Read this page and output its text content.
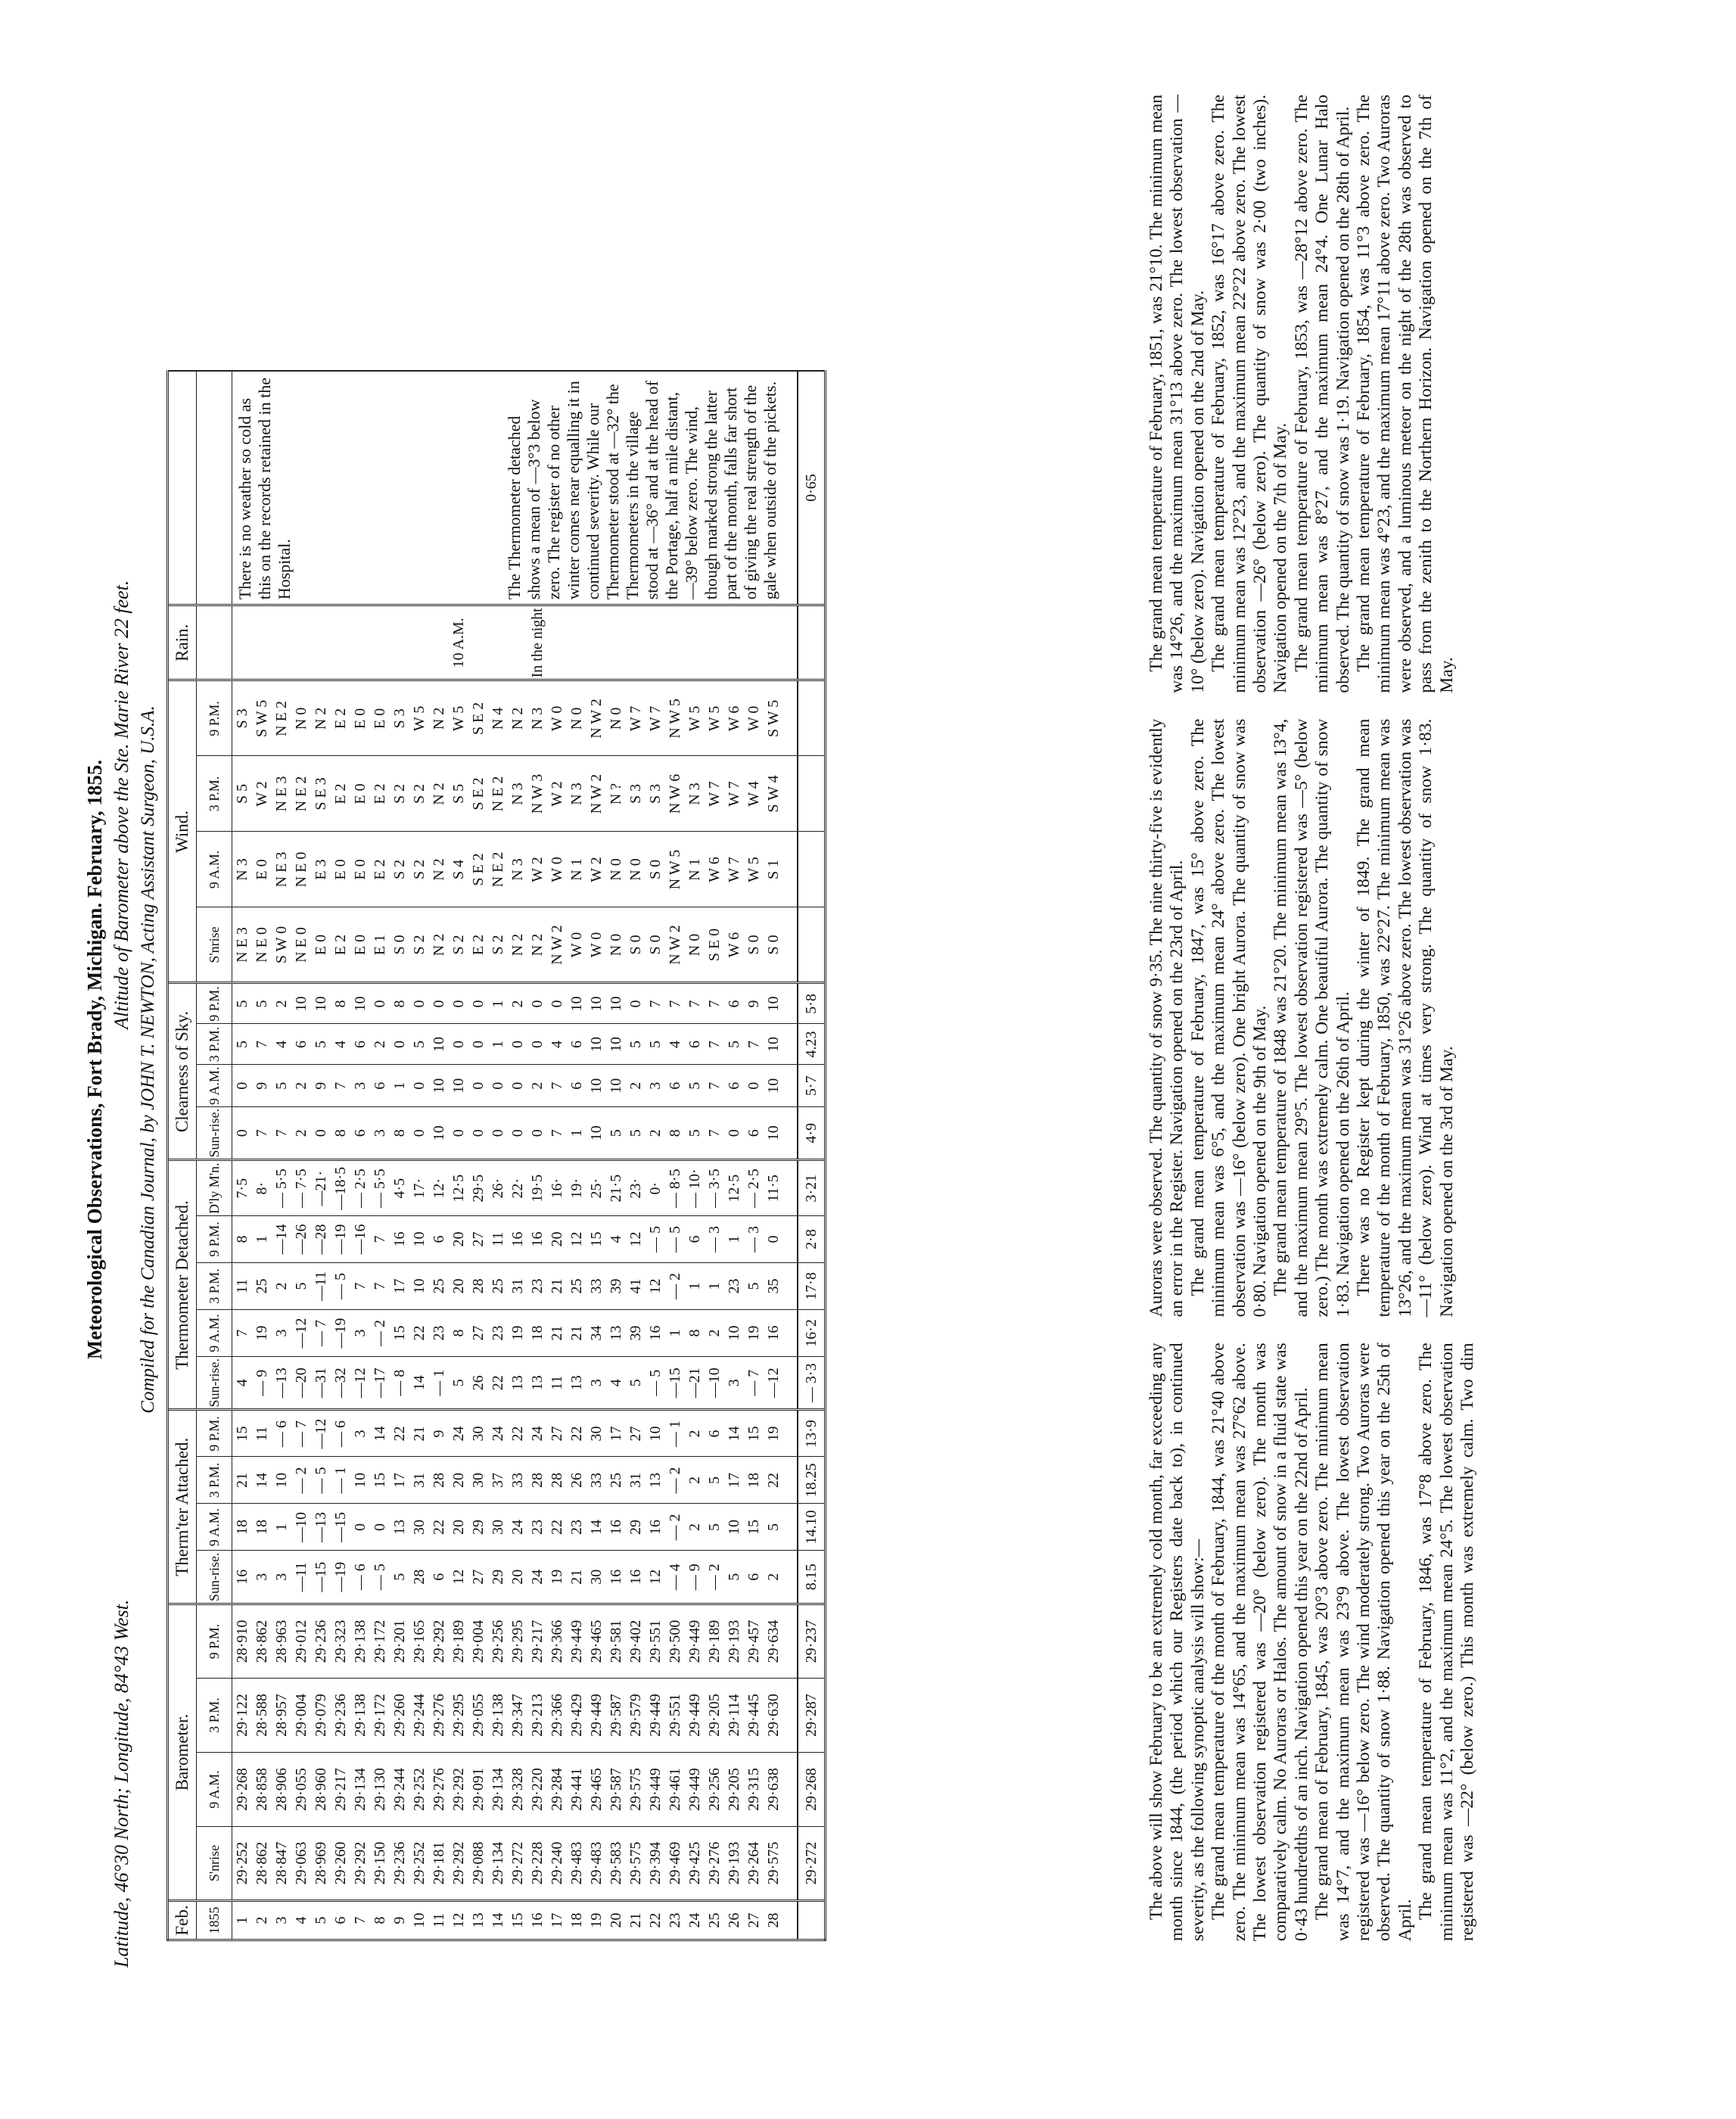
Meteorological Observations, Fort Brady, Michigan. February, 1855.
Latitude, 46°30 North; Longitude, 84°43 West.
Altitude of Barometer above the Ste. Marie River 22 feet. Compiled for the Canadian Journal, by JOHN T. NEWTON, Acting Assistant Surgeon, U.S.A.
Feb.	Barometer.				Therm'ter Attached.				Thermometer Detached.					Clearness of Sky.				Wind.				Rain.	
1855	S'nrise	9 A.M.	3 P.M.	9 P.M.	Sun-rise.	9 A.M.	3 P.M.	9 P.M.	Sun-rise.	9 A.M.	3 P.M.	9 P.M.	D'ly M'n.	Sun-rise.	9 A.M.	3 P.M.	9 P.M.	S'nrise	9 A.M.	3 P.M.	9 P.M.		
1	29·252	29·268	29·122	28·910	16	18	21	15	4	7	11	8	7·5	0	0	5	5	N E 3	N 3	S 5	S 3		There is no weather so cold as this on the records retained in the Hospital.
2	28·862	28·858	28·588	28·862	3	18	14	11	— 9	19	25	1	8·	7	9	7	5	N E 0	E 0	W 2	S W 5		
3	28·847	28·906	28·957	28·963	3	1	10	— 6	—13	3	2	—14	— 5·5	7	5	4	2	S W 0	N E 3	N E 3	N E 2		
4	29·063	29·055	29·004	29·012	—11	—10	— 2	— 7	—20	—12	5	—26	— 7·5	2	2	6	10	N E 0	N E 0	N E 2	N 0		
5	28·969	28·960	29·079	29·236	—15	—13	— 5	—12	—31	— 7	—11	—28	—21·	0	9	5	10	E 0	E 3	S E 3	N 2		
6	29·260	29·217	29·236	29·323	—19	—15	— 1	— 6	—32	—19	— 5	—19	—18·5	8	7	4	8	E 2	E 0	E 2	E 2		
7	29·292	29·134	29·138	29·138	— 6	0	10	3	—12	3	7	—16	— 2·5	6	3	6	10	E 0	E 0	E 0	E 0		
8	29·150	29·130	29·172	29·172	— 5	0	15	14	—17	— 2	7	7	— 5·5	3	6	2	0	E 1	E 2	E 2	E 0		
9	29·236	29·244	29·260	29·201	5	13	17	22	— 8	15	17	16	4·5	8	1	0	8	S 0	S 2	S 2	S 3		
10	29·252	29·252	29·244	29·165	28	30	31	21	14	22	10	10	17·	0	0	5	0	S 2	S 2	S 2	W 5		
11	29·181	29·276	29·276	29·292	6	22	28	9	— 1	23	25	6	12·	10	10	10	0	N 2	N 2	N 2	N 2		
12	29·292	29·292	29·295	29·189	12	20	20	24	5	8	20	20	12·5	0	10	0	0	S 2	S 4	S 5	W 5	10 A.M.	The Thermometer detached shows a mean of —3°3 below zero. The register of no other winter comes near equalling it in continued severity. While our Thermometer stood at —32° the Thermometers in the village stood at —36° and at the head of the Portage, half a mile distant, —39° below zero. The wind, though marked strong the latter part of the month, falls far short of giving the real strength of the gale when outside of the pickets.
13	29·088	29·091	29·055	29·004	27	29	30	30	26	27	28	27	29·5	0	0	0	0	E 2	S E 2	S E 2	S E 2		
14	29·134	29·134	29·138	29·256	29	30	37	24	22	23	25	11	26·	0	0	1	1	S 2	N E 2	N E 2	N 4		
15	29·272	29·328	29·347	29·295	20	24	33	22	13	19	31	16	22·	0	0	0	2	N 2	N 3	N 3	N 2		
16	29·228	29·220	29·213	29·217	24	23	28	24	13	18	23	16	19·5	0	2	0	0	N 2	W 2	N W 3	N 3	In the night	
17	29·240	29·284	29·366	29·366	19	22	28	27	11	21	21	20	16·	7	7	4	0	N W 2	W 0	W 2	W 0		
18	29·483	29·441	29·429	29·449	21	23	26	22	13	21	25	12	19·	1	6	6	10	W 0	N 1	N 3	N 0		
19	29·483	29·465	29·449	29·465	30	14	33	30	3	34	33	15	25·	10	10	10	10	W 0	W 2	N W 2	N W 2		
20	29·583	29·587	29·587	29·581	16	16	25	17	4	13	39	4	21·5	5	10	10	10	N 0	N 0	N ?	N 0		
21	29·575	29·575	29·579	29·402	16	29	31	27	5	39	41	12	23·	5	2	5	0	S 0	N 0	S 3	W 7		
22	29·394	29·449	29·449	29·551	12	16	13	10	— 5	16	12	— 5	0·	2	3	5	7	S 0	S 0	S 3	W 7		
23	29·469	29·461	29·551	29·500	— 4	— 2	— 2	— 1	—15	1	— 2	— 5	— 8·5	8	6	4	7	N W 2	N W 5	N W 6	N W 5		
24	29·425	29·449	29·449	29·449	— 9	2	2	2	—21	8	1	6	— 10·	5	5	6	7	N 0	N 1	N 3	W 5		
25	29·276	29·256	29·205	29·189	— 2	5	5	6	—10	2	1	— 3	— 3·5	7	7	7	7	S E 0	W 6	W 7	W 5		
26	29·193	29·205	29·114	29·193	5	10	17	14	3	10	23	1	12·5	0	6	5	6	W 6	W 7	W 7	W 6		
27	29·264	29·315	29·445	29·457	6	15	18	15	— 7	19	5	— 3	— 2·5	6	0	7	9	S 0	W 5	W 4	W 0		
28	29·575	29·638	29·630	29·634	2	5	22	19	—12	16	35	0	11·5	10	10	10	10	S 0	S 1	S W 4	S W 5		

	29·272	29·268	29·287	29·237	8.15	14.10	18.25	13·9	— 3·3	16·2	17·8	2·8	3·21	4·9	5·7	4.23	5·8						0·65

The above will show February to be an extremely cold month, far exceeding any month since 1844, (the period which our Registers date back to), in continued severity, as the following synoptic analysis will show:— The grand mean temperature of the month of February, 1844, was 21°40 above zero. The minimum mean was 14°65, and the maximum mean was 27°62 above. The lowest observation registered was —20° (below zero). The month was comparatively calm. No Auroras or Halos. The amount of snow in a fluid state was 0·43 hundredths of an inch. Navigation opened this year on the 22nd of April. The grand mean of February, 1845, was 20°3 above zero. The minimum mean was 14°7, and the maximum mean was 23°9 above. The lowest observation registered was —16° below zero. The wind moderately strong. Two Auroras were observed. The quantity of snow 1·88. Navigation opened this year on the 25th of April.

The grand mean temperature of February, 1846, was 17°8 above zero. The minimum mean was 11°2, and the maximum mean 24°5. The lowest observation registered was —22° (below zero.) This month was extremely calm. Two dim Auroras were observed. The quantity of snow 9·35. The nine thirty-five is evidently an error in the Register. Navigation opened on the 23rd of April. The grand mean temperature of February, 1847, was 15° above zero. The minimum mean was 6°5, and the maximum mean 24° above zero. The lowest observation was —16° (below zero). One bright Aurora. The quantity of snow was 0·80. Navigation opened on the 9th of May. The grand mean temperature of 1848 was 21°20. The minimum mean was 13°4, and the maximum mean 29°5. The lowest observation registered was —5° (below zero.) The month was extremely calm. One beautiful Aurora. The quantity of snow 1·83. Navigation opened on the 26th of April. There was no Register kept during the winter of 1849. The grand mean temperature of the month of February, 1850, was 22°27. The minimum mean was 13°26, and the maximum mean was 31°26 above zero. The lowest observation was —11° (below zero). Wind at times very strong. The quantity of snow 1·83. Navigation opened on the 3rd of May.

The grand mean temperature of February, 1851, was 21°10. The minimum mean was 14°26, and the maximum mean 31°13 above zero. The lowest observation —10° (below zero). Navigation opened on the 2nd of May. The grand mean temperature of February, 1852, was 16°17 above zero. The minimum mean was 12°23, and the maximum mean 22°22 above zero. The lowest observation —26° (below zero). The quantity of snow was 2·00 (two inches). Navigation opened on the 7th of May. The grand mean temperature of February, 1853, was —28°12 above zero. The minimum mean was 8°27, and the maximum mean 24°4. One Lunar Halo observed. The quantity of snow was 1·19. Navigation opened on the 28th of April. The grand mean temperature of February, 1854, was 11°3 above zero. The minimum mean was 4°23, and the maximum mean 17°11 above zero. Two Auroras were observed, and a luminous meteor on the night of the 28th was observed to pass from the zenith to the Northern Horizon. Navigation opened on the 7th of May.
